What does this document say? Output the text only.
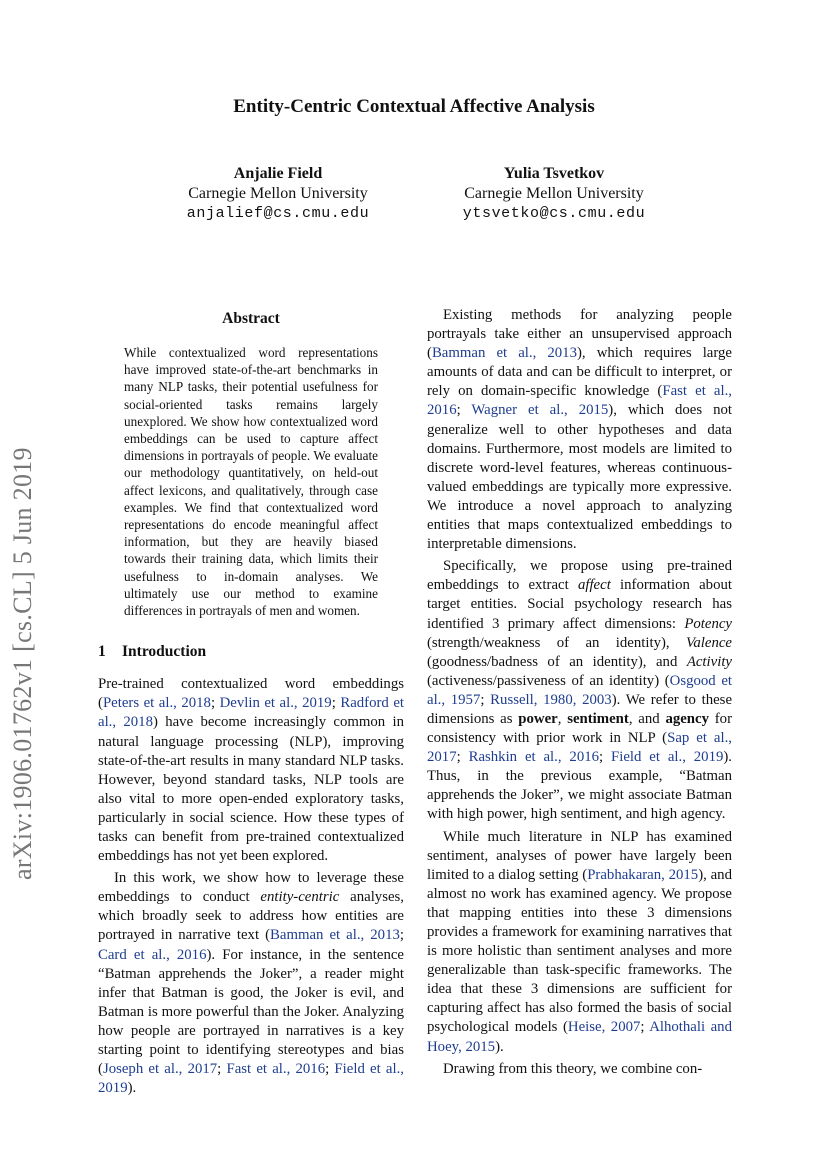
Entity-Centric Contextual Affective Analysis
Anjalie Field
Carnegie Mellon University
anjalief@cs.cmu.edu
Yulia Tsvetkov
Carnegie Mellon University
ytsvetko@cs.cmu.edu
arXiv:1906.01762v1 [cs.CL] 5 Jun 2019
Abstract
While contextualized word representations have improved state-of-the-art benchmarks in many NLP tasks, their potential usefulness for social-oriented tasks remains largely unexplored. We show how contextualized word embeddings can be used to capture affect dimensions in portrayals of people. We evaluate our methodology quantitatively, on held-out affect lexicons, and qualitatively, through case examples. We find that contextualized word representations do encode meaningful affect information, but they are heavily biased towards their training data, which limits their usefulness to in-domain analyses. We ultimately use our method to examine differences in portrayals of men and women.
1 Introduction

Pre-trained contextualized word embeddings (Peters et al., 2018; Devlin et al., 2019; Radford et al., 2018) have become increasingly common in natural language processing (NLP), improving state-of-the-art results in many standard NLP tasks. However, beyond standard tasks, NLP tools are also vital to more open-ended exploratory tasks, particularly in social science. How these types of tasks can benefit from pre-trained contextualized embeddings has not yet been explored.

In this work, we show how to leverage these embeddings to conduct entity-centric analyses, which broadly seek to address how entities are portrayed in narrative text (Bamman et al., 2013; Card et al., 2016). For instance, in the sentence “Batman apprehends the Joker”, a reader might infer that Batman is good, the Joker is evil, and Batman is more powerful than the Joker. Analyzing how people are portrayed in narratives is a key starting point to identifying stereotypes and bias (Joseph et al., 2017; Fast et al., 2016; Field et al., 2019).

Existing methods for analyzing people portrayals take either an unsupervised approach (Bamman et al., 2013), which requires large amounts of data and can be difficult to interpret, or rely on domain-specific knowledge (Fast et al., 2016; Wagner et al., 2015), which does not generalize well to other hypotheses and data domains. Furthermore, most models are limited to discrete word-level features, whereas continuous-valued embeddings are typically more expressive. We introduce a novel approach to analyzing entities that maps contextualized embeddings to interpretable dimensions.

Specifically, we propose using pre-trained embeddings to extract affect information about target entities. Social psychology research has identified 3 primary affect dimensions: Potency (strength/weakness of an identity), Valence (goodness/badness of an identity), and Activity (activeness/passiveness of an identity) (Osgood et al., 1957; Russell, 1980, 2003). We refer to these dimensions as power, sentiment, and agency for consistency with prior work in NLP (Sap et al., 2017; Rashkin et al., 2016; Field et al., 2019). Thus, in the previous example, “Batman apprehends the Joker”, we might associate Batman with high power, high sentiment, and high agency.

While much literature in NLP has examined sentiment, analyses of power have largely been limited to a dialog setting (Prabhakaran, 2015), and almost no work has examined agency. We propose that mapping entities into these 3 dimensions provides a framework for examining narratives that is more holistic than sentiment analyses and more generalizable than task-specific frameworks. The idea that these 3 dimensions are sufficient for capturing affect has also formed the basis of social psychological models (Heise, 2007; Alhothali and Hoey, 2015).

Drawing from this theory, we combine con-
